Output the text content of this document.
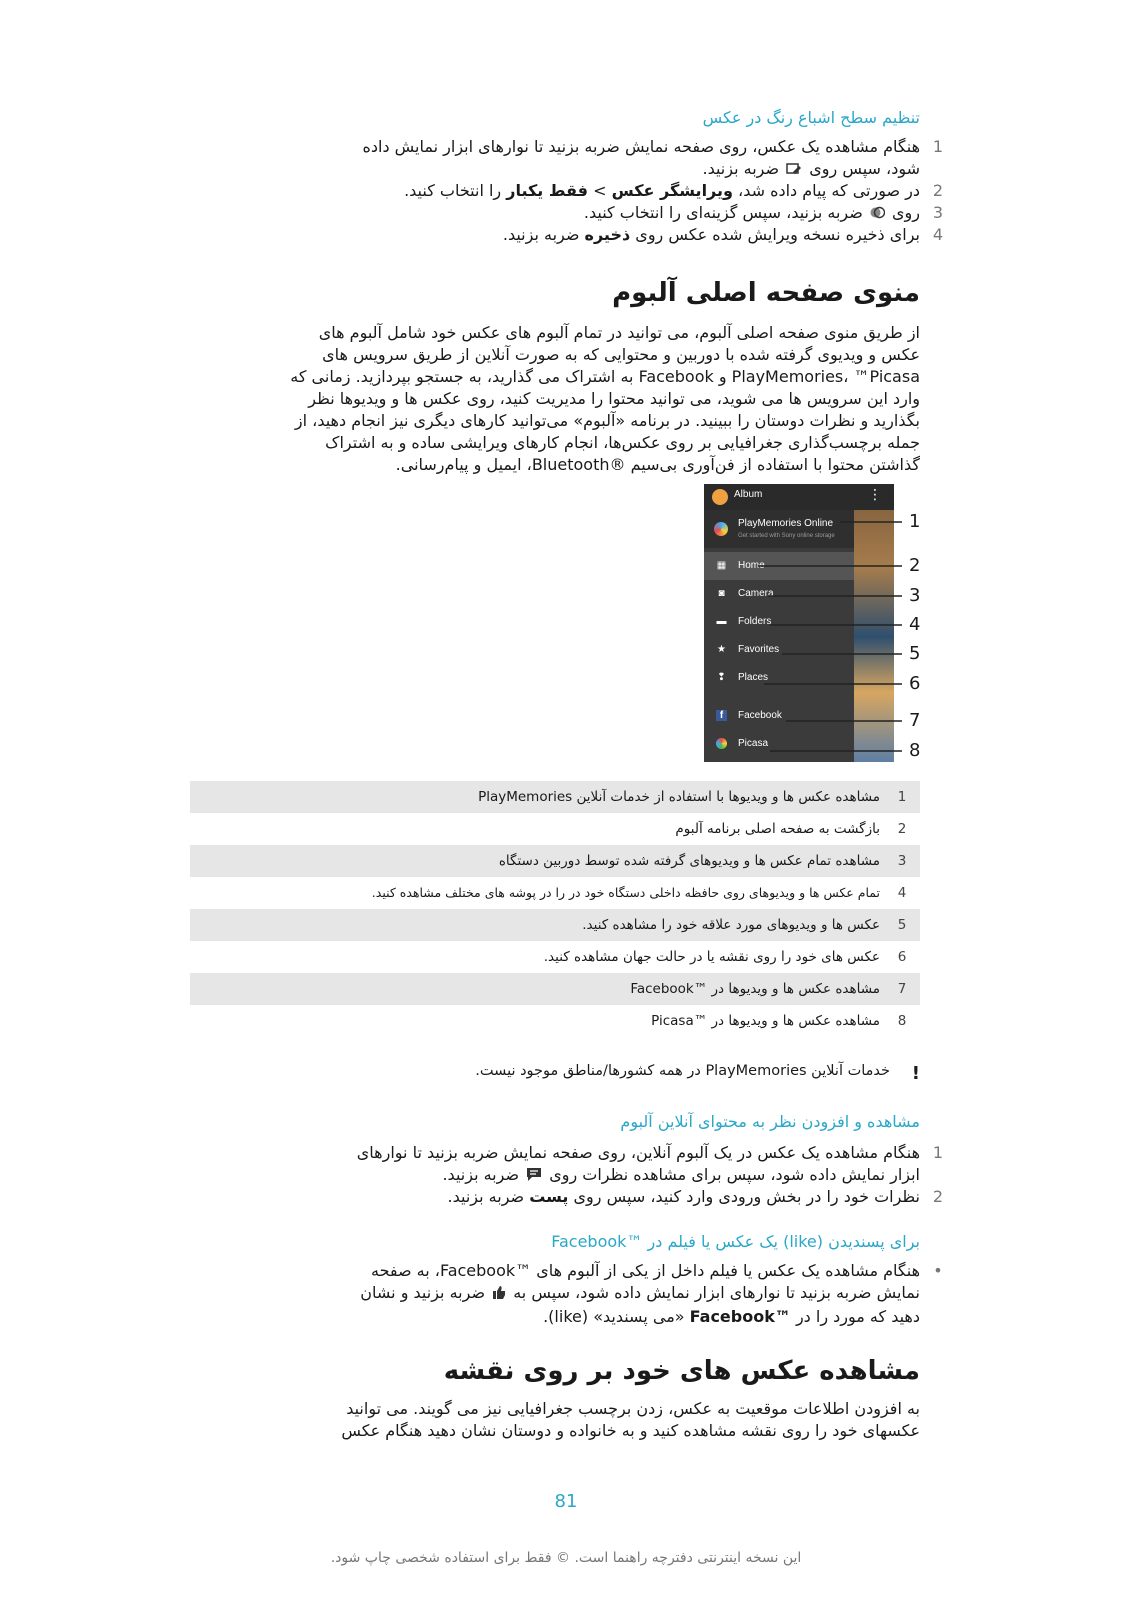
تنظیم سطح اشباع رنگ در عکس
1
هنگام مشاهده یک عکس، روی صفحه نمایش ضربه بزنید تا نوارهای ابزار نمایش داده
شود، سپس روی  ضربه بزنید.
2
در صورتی که پیام داده شد، ویرایشگر عکس > فقط یکبار را انتخاب کنید.
3
روی  ضربه بزنید، سپس گزینه‌ای را انتخاب کنید.
4
برای ذخیره نسخه ویرایش شده عکس روی ذخیره ضربه بزنید.
منوی صفحه اصلی آلبوم
از طریق منوی صفحه اصلی آلبوم، می توانید در تمام آلبوم های عکس خود شامل آلبوم های
عکس و ویدیوی گرفته شده با دوربین و محتوایی که به صورت آنلاین از طریق سرویس های
PlayMemories، ™Picasa و Facebook به اشتراک می گذارید، به جستجو بپردازید. زمانی که
وارد این سرویس ها می شوید، می توانید محتوا را مدیریت کنید، روی عکس ها و ویدیوها نظر
بگذارید و نظرات دوستان را ببینید. در برنامه «آلبوم» می‌توانید کارهای دیگری نیز انجام دهید، از
جمله برچسب‌گذاری جغرافیایی بر روی عکس‌ها، انجام کارهای ویرایشی ساده و به اشتراک
گذاشتن محتوا با استفاده از فن‌آوری بی‌سیم ®Bluetooth، ایمیل و پیام‌رسانی.
Album	⋮
PlayMemories Online
Get started with Sony online storage
▦ Home
◙ Camera
▬ Folders
★ Favorites
❢ Places
f	Facebook
Picasa
1
2
3
4
5
6
7
8
1
مشاهده عکس ها و ویدیوها با استفاده از خدمات آنلاین PlayMemories
2
بازگشت به صفحه اصلی برنامه آلبوم
3
مشاهده تمام عکس ها و ویدیوهای گرفته شده توسط دوربین دستگاه
4
تمام عکس ها و ویدیوهای روی حافظه داخلی دستگاه خود در را در پوشه های مختلف مشاهده کنید.
5
عکس ها و ویدیوهای مورد علاقه خود را مشاهده کنید.
6
عکس های خود را روی نقشه یا در حالت جهان مشاهده کنید.
7
مشاهده عکس ها و ویدیوها در ™Facebook
8
مشاهده عکس ها و ویدیوها در ™Picasa
!
خدمات آنلاین PlayMemories در همه کشورها/مناطق موجود نیست.
مشاهده و افزودن نظر به محتوای آنلاین آلبوم
1
هنگام مشاهده یک عکس در یک آلبوم آنلاین، روی صفحه نمایش ضربه بزنید تا نوارهای
ابزار نمایش داده شود، سپس برای مشاهده نظرات روی  ضربه بزنید.
2
نظرات خود را در بخش ورودی وارد کنید، سپس روی پست ضربه بزنید.
برای پسندیدن (like) یک عکس یا فیلم در ™Facebook
•
هنگام مشاهده یک عکس یا فیلم داخل از یکی از آلبوم های ™Facebook، به صفحه
نمایش ضربه بزنید تا نوارهای ابزار نمایش داده شود، سپس به  ضربه بزنید و نشان
دهید که مورد را در ™Facebook «می پسندید» (like).
مشاهده عکس های خود بر روی نقشه
به افزودن اطلاعات موقعیت به عکس، زدن برچسب جغرافیایی نیز می گویند. می توانید
عکسهای خود را روی نقشه مشاهده کنید و به خانواده و دوستان نشان دهید هنگام عکس
81
این نسخه اینترنتی دفترچه راهنما است. © فقط برای استفاده شخصی چاپ شود.
